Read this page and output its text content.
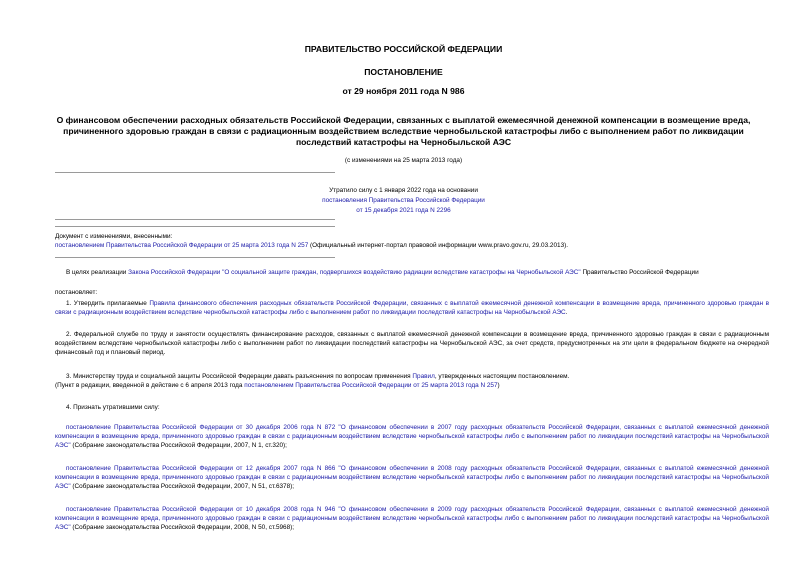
ПРАВИТЕЛЬСТВО РОССИЙСКОЙ ФЕДЕРАЦИИ
ПОСТАНОВЛЕНИЕ
от 29 ноября 2011 года N 986
О финансовом обеспечении расходных обязательств Российской Федерации, связанных с выплатой ежемесячной денежной компенсации в возмещение вреда, причиненного здоровью граждан в связи с радиационным воздействием вследствие чернобыльской катастрофы либо с выполнением работ по ликвидации последствий катастрофы на Чернобыльской АЭС
(с изменениями на 25 марта 2013 года)
Утратило силу с 1 января 2022 года на основании
постановления Правительства Российской Федерации
от 15 декабря 2021 года N 2296
Документ с изменениями, внесенными:
постановлением Правительства Российской Федерации от 25 марта 2013 года N 257 (Официальный интернет-портал правовой информации www.pravo.gov.ru, 29.03.2013).
В целях реализации Закона Российской Федерации "О социальной защите граждан, подвергшихся воздействию радиации вследствие катастрофы на Чернобыльской АЭС" Правительство Российской Федерации
постановляет:
1. Утвердить прилагаемые Правила финансового обеспечения расходных обязательств Российской Федерации, связанных с выплатой ежемесячной денежной компенсации в возмещение вреда, причиненного здоровью граждан в связи с радиационным воздействием вследствие чернобыльской катастрофы либо с выполнением работ по ликвидации последствий катастрофы на Чернобыльской АЭС.
2. Федеральной службе по труду и занятости осуществлять финансирование расходов, связанных с выплатой ежемесячной денежной компенсации в возмещение вреда, причиненного здоровью граждан в связи с радиационным воздействием вследствие чернобыльской катастрофы либо с выполнением работ по ликвидации последствий катастрофы на Чернобыльской АЭС, за счет средств, предусмотренных на эти цели в федеральном бюджете на очередной финансовый год и плановый период.
3. Министерству труда и социальной защиты Российской Федерации давать разъяснения по вопросам применения Правил, утвержденных настоящим постановлением.
(Пункт в редакции, введенной в действие с 6 апреля 2013 года постановлением Правительства Российской Федерации от 25 марта 2013 года N 257)
4. Признать утратившими силу:
постановление Правительства Российской Федерации от 30 декабря 2006 года N 872 "О финансовом обеспечении в 2007 году расходных обязательств Российской Федерации, связанных с выплатой ежемесячной денежной компенсации в возмещение вреда, причиненного здоровью граждан в связи с радиационным воздействием вследствие чернобыльской катастрофы либо с выполнением работ по ликвидации последствий катастрофы на Чернобыльской АЭС" (Собрание законодательства Российской Федерации, 2007, N 1, ст.320);
постановление Правительства Российской Федерации от 12 декабря 2007 года N 866 "О финансовом обеспечении в 2008 году расходных обязательств Российской Федерации, связанных с выплатой ежемесячной денежной компенсации в возмещение вреда, причиненного здоровью граждан в связи с радиационным воздействием вследствие чернобыльской катастрофы либо с выполнением работ по ликвидации последствий катастрофы на Чернобыльской АЭС" (Собрание законодательства Российской Федерации, 2007, N 51, ст.6378);
постановление Правительства Российской Федерации от 10 декабря 2008 года N 946 "О финансовом обеспечении в 2009 году расходных обязательств Российской Федерации, связанных с выплатой ежемесячной денежной компенсации в возмещение вреда, причиненного здоровью граждан в связи с радиационным воздействием вследствие чернобыльской катастрофы либо с выполнением работ по ликвидации последствий катастрофы на Чернобыльской АЭС" (Собрание законодательства Российской Федерации, 2008, N 50, ст.5968);
